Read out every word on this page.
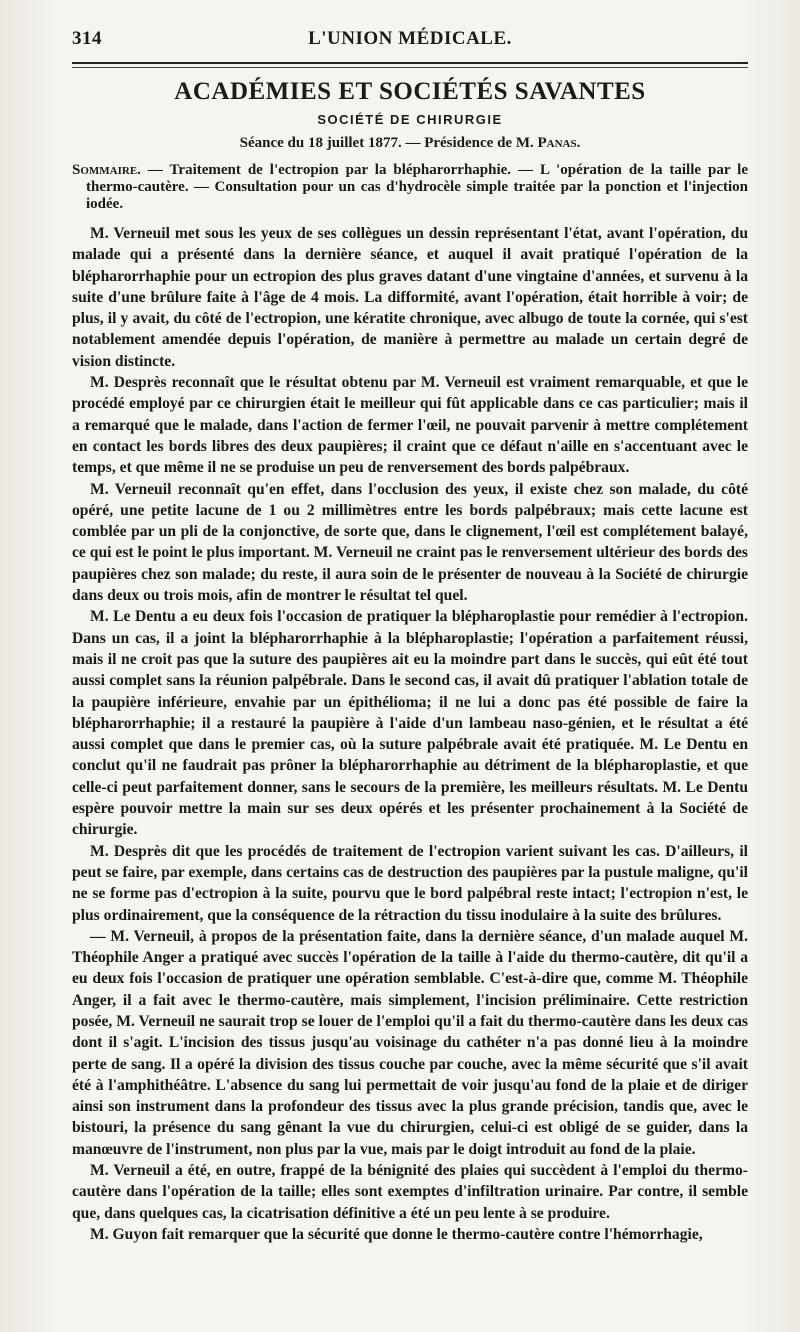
314	L'UNION MÉDICALE.
ACADÉMIES ET SOCIÉTÉS SAVANTES
SOCIÉTÉ DE CHIRURGIE
Séance du 18 juillet 1877. — Présidence de M. Panas.
Sommaire. — Traitement de l'ectropion par la blépharorrhaphie. — L 'opération de la taille par le thermo-cautère. — Consultation pour un cas d'hydrocèle simple traitée par la ponction et l'injection iodée.

M. Verneuil met sous les yeux de ses collègues un dessin représentant l'état, avant l'opération, du malade qui a présenté dans la dernière séance, et auquel il avait pratiqué l'opération de la blépharorrhaphie pour un ectropion des plus graves datant d'une vingtaine d'années, et survenu à la suite d'une brûlure faite à l'âge de 4 mois. La difformité, avant l'opération, était horrible à voir; de plus, il y avait, du côté de l'ectropion, une kératite chronique, avec albugo de toute la cornée, qui s'est notablement amendée depuis l'opération, de manière à permettre au malade un certain degré de vision distincte.

M. Desprès reconnaît que le résultat obtenu par M. Verneuil est vraiment remarquable, et que le procédé employé par ce chirurgien était le meilleur qui fût applicable dans ce cas particulier; mais il a remarqué que le malade, dans l'action de fermer l'œil, ne pouvait parvenir à mettre complétement en contact les bords libres des deux paupières; il craint que ce défaut n'aille en s'accentuant avec le temps, et que même il ne se produise un peu de renversement des bords palpébraux.

M. Verneuil reconnaît qu'en effet, dans l'occlusion des yeux, il existe chez son malade, du côté opéré, une petite lacune de 1 ou 2 millimètres entre les bords palpébraux; mais cette lacune est comblée par un pli de la conjonctive, de sorte que, dans le clignement, l'œil est complétement balayé, ce qui est le point le plus important. M. Verneuil ne craint pas le renversement ultérieur des bords des paupières chez son malade; du reste, il aura soin de le présenter de nouveau à la Société de chirurgie dans deux ou trois mois, afin de montrer le résultat tel quel.

M. Le Dentu a eu deux fois l'occasion de pratiquer la blépharoplastie pour remédier à l'ectropion. Dans un cas, il a joint la blépharorrhaphie à la blépharoplastie; l'opération a parfaitement réussi, mais il ne croit pas que la suture des paupières ait eu la moindre part dans le succès, qui eût été tout aussi complet sans la réunion palpébrale. Dans le second cas, il avait dû pratiquer l'ablation totale de la paupière inférieure, envahie par un épithélioma; il ne lui a donc pas été possible de faire la blépharorrhaphie; il a restauré la paupière à l'aide d'un lambeau naso-génien, et le résultat a été aussi complet que dans le premier cas, où la suture palpébrale avait été pratiquée. M. Le Dentu en conclut qu'il ne faudrait pas prôner la blépharorrhaphie au détriment de la blépharoplastie, et que celle-ci peut parfaitement donner, sans le secours de la première, les meilleurs résultats. M. Le Dentu espère pouvoir mettre la main sur ses deux opérés et les présenter prochainement à la Société de chirurgie.

M. Desprès dit que les procédés de traitement de l'ectropion varient suivant les cas. D'ailleurs, il peut se faire, par exemple, dans certains cas de destruction des paupières par la pustule maligne, qu'il ne se forme pas d'ectropion à la suite, pourvu que le bord palpébral reste intact; l'ectropion n'est, le plus ordinairement, que la conséquence de la rétraction du tissu inodulaire à la suite des brûlures.

— M. Verneuil, à propos de la présentation faite, dans la dernière séance, d'un malade auquel M. Théophile Anger a pratiqué avec succès l'opération de la taille à l'aide du thermo-cautère, dit qu'il a eu deux fois l'occasion de pratiquer une opération semblable. C'est-à-dire que, comme M. Théophile Anger, il a fait avec le thermo-cautère, mais simplement, l'incision préliminaire. Cette restriction posée, M. Verneuil ne saurait trop se louer de l'emploi qu'il a fait du thermo-cautère dans les deux cas dont il s'agit. L'incision des tissus jusqu'au voisinage du cathéter n'a pas donné lieu à la moindre perte de sang. Il a opéré la division des tissus couche par couche, avec la même sécurité que s'il avait été à l'amphithéâtre. L'absence du sang lui permettait de voir jusqu'au fond de la plaie et de diriger ainsi son instrument dans la profondeur des tissus avec la plus grande précision, tandis que, avec le bistouri, la présence du sang gênant la vue du chirurgien, celui-ci est obligé de se guider, dans la manœuvre de l'instrument, non plus par la vue, mais par le doigt introduit au fond de la plaie.

M. Verneuil a été, en outre, frappé de la bénignité des plaies qui succèdent à l'emploi du thermo-cautère dans l'opération de la taille; elles sont exemptes d'infiltration urinaire. Par contre, il semble que, dans quelques cas, la cicatrisation définitive a été un peu lente à se produire.

M. Guyon fait remarquer que la sécurité que donne le thermo-cautère contre l'hémorrhagie,
